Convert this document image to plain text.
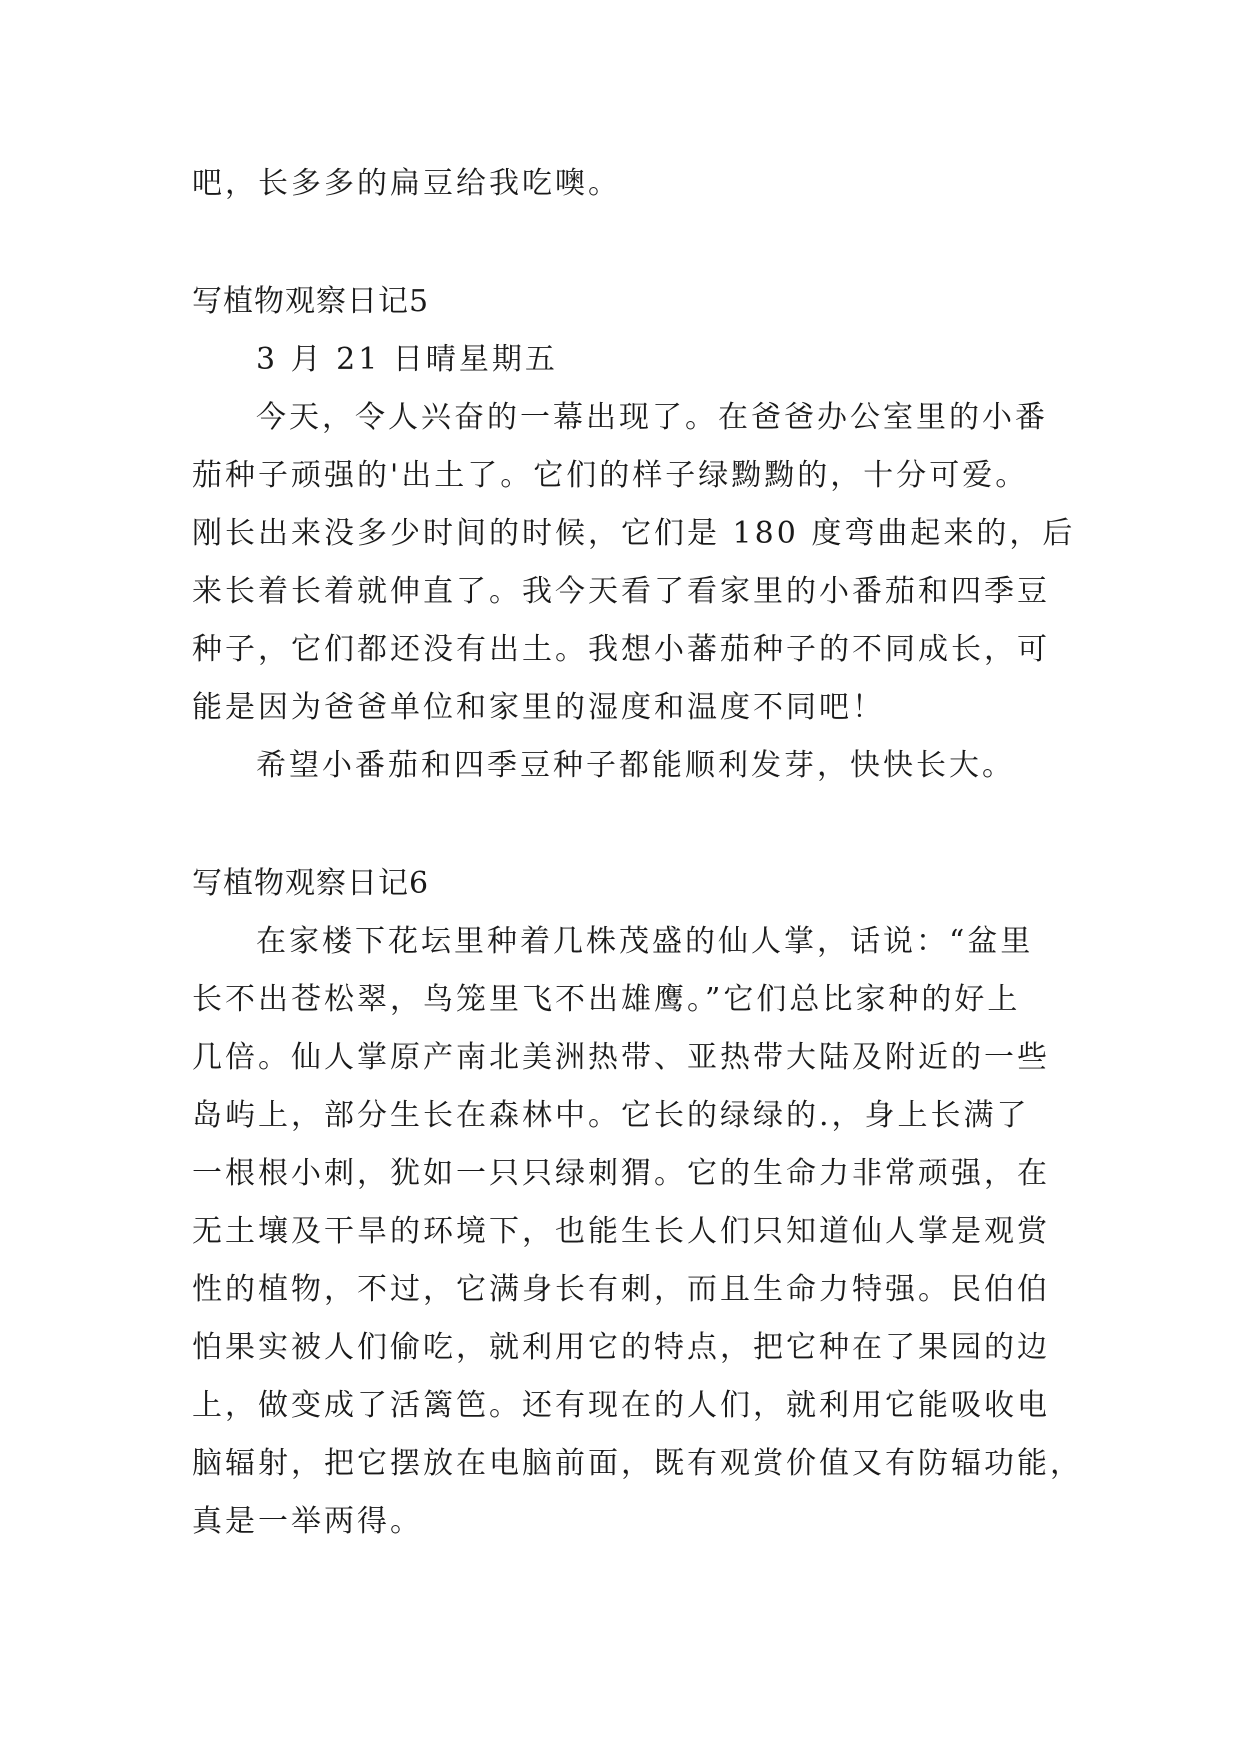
吧，长多多的扁豆给我吃噢。
写植物观察日记5
3 月 21 日晴星期五
今天，令人兴奋的一幕出现了。在爸爸办公室里的小番
茄种子顽强的'出土了。它们的样子绿黝黝的，十分可爱。
刚长出来没多少时间的时候，它们是 180 度弯曲起来的，后
来长着长着就伸直了。我今天看了看家里的小番茄和四季豆
种子，它们都还没有出土。我想小蕃茄种子的不同成长，可
能是因为爸爸单位和家里的湿度和温度不同吧！
希望小番茄和四季豆种子都能顺利发芽，快快长大。
写植物观察日记6
在家楼下花坛里种着几株茂盛的仙人掌，话说：“盆里
长不出苍松翠，鸟笼里飞不出雄鹰。”它们总比家种的好上
几倍。仙人掌原产南北美洲热带、亚热带大陆及附近的一些
岛屿上，部分生长在森林中。它长的绿绿的.，身上长满了
一根根小刺，犹如一只只绿刺猬。它的生命力非常顽强，在
无土壤及干旱的环境下，也能生长人们只知道仙人掌是观赏
性的植物，不过，它满身长有刺，而且生命力特强。民伯伯
怕果实被人们偷吃，就利用它的特点，把它种在了果园的边
上，做变成了活篱笆。还有现在的人们，就利用它能吸收电
脑辐射，把它摆放在电脑前面，既有观赏价值又有防辐功能，
真是一举两得。
